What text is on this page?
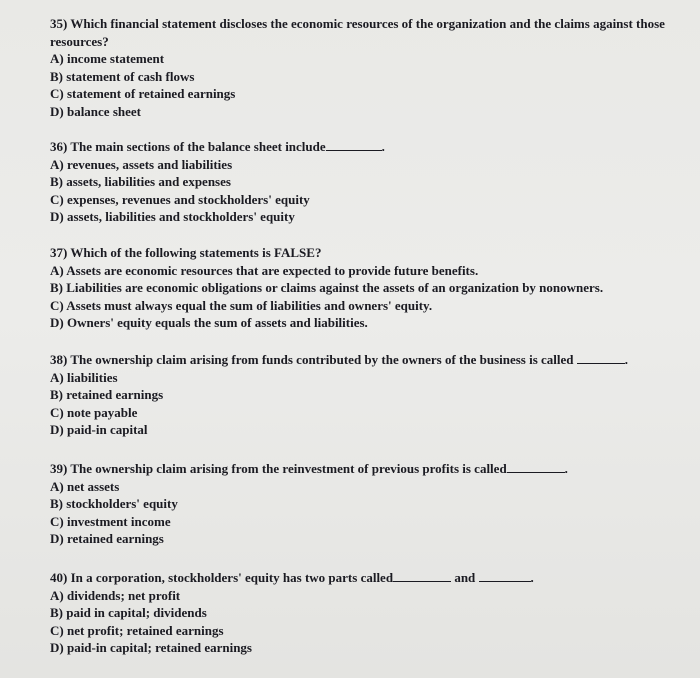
35) Which financial statement discloses the economic resources of the organization and the claims against those resources?
A) income statement
B) statement of cash flows
C) statement of retained earnings
D) balance sheet
36) The main sections of the balance sheet include	.
A) revenues, assets and liabilities
B) assets, liabilities and expenses
C) expenses, revenues and stockholders' equity
D) assets, liabilities and stockholders' equity
37) Which of the following statements is FALSE?
A) Assets are economic resources that are expected to provide future benefits.
B) Liabilities are economic obligations or claims against the assets of an organization by nonowners.
C) Assets must always equal the sum of liabilities and owners' equity.
D) Owners' equity equals the sum of assets and liabilities.
38) The ownership claim arising from funds contributed by the owners of the business is called	.
A) liabilities
B) retained earnings
C) note payable
D) paid-in capital
39) The ownership claim arising from the reinvestment of previous profits is called	.
A) net assets
B) stockholders' equity
C) investment income
D) retained earnings
40) In a corporation, stockholders' equity has two parts called	and	.
A) dividends; net profit
B) paid in capital; dividends
C) net profit; retained earnings
D) paid-in capital; retained earnings
